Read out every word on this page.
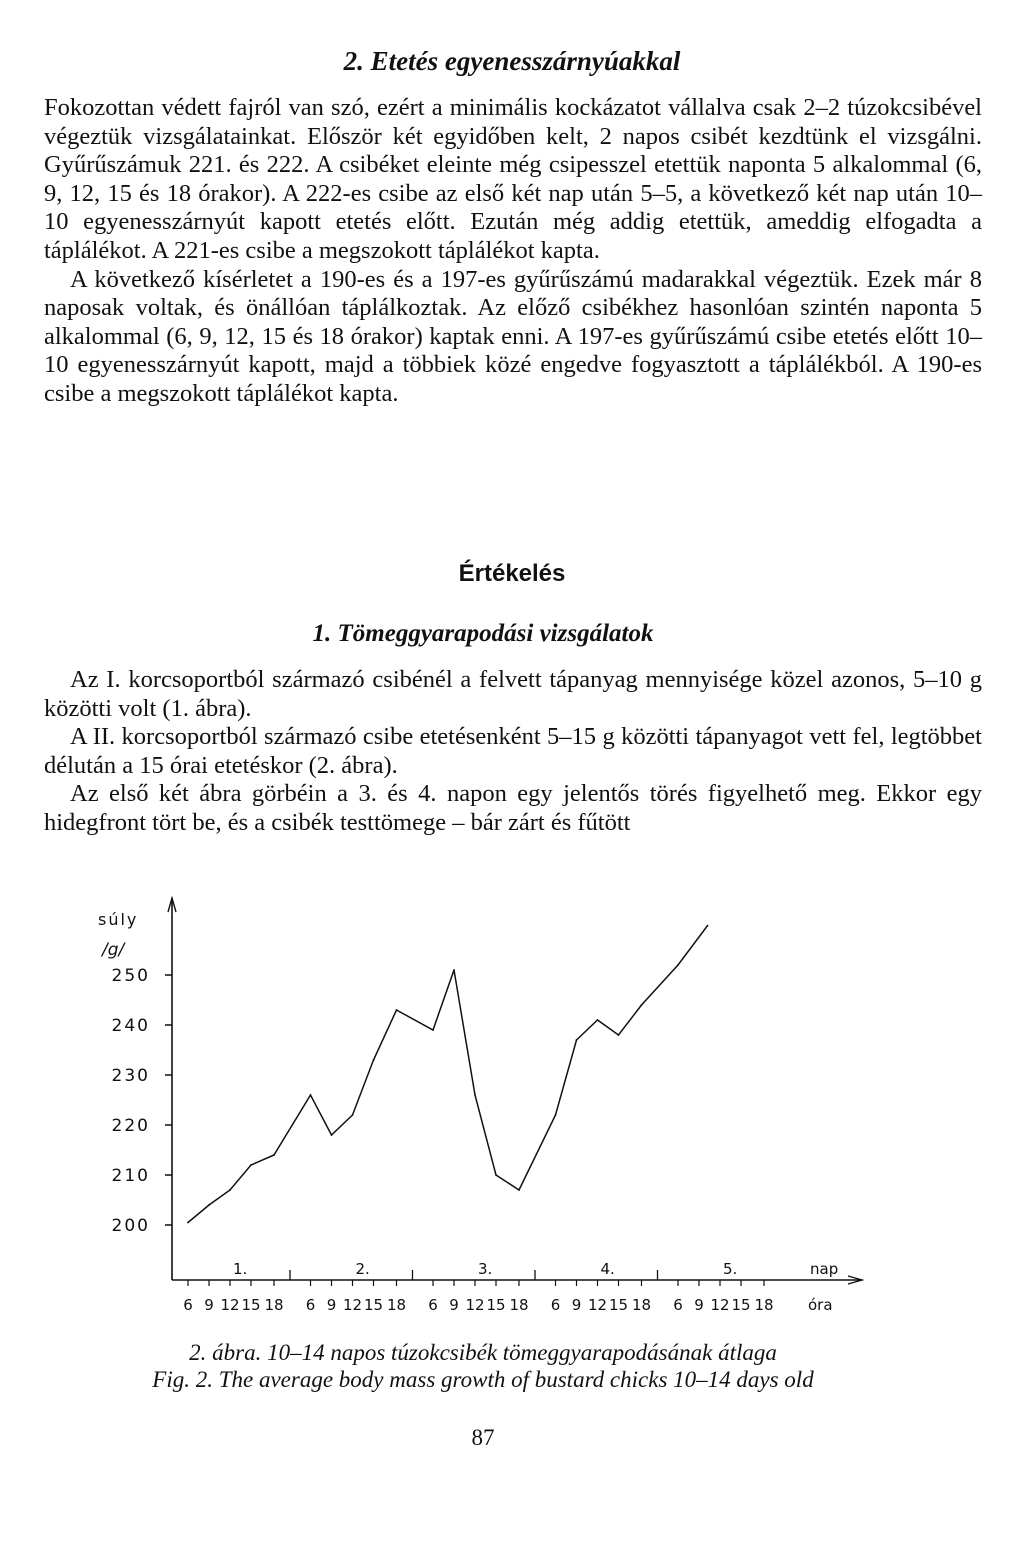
2. Etetés egyenesszárnyúakkal

Fokozottan védett fajról van szó, ezért a minimális kockázatot vállalva csak 2–2 túzokcsibével végeztük vizsgálatainkat. Először két egyidőben kelt, 2 napos csibét kezdtünk el vizsgálni. Gyűrűszámuk 221. és 222. A csibéket eleinte még csipesszel etettük naponta 5 alkalommal (6, 9, 12, 15 és 18 órakor). A 222-es csibe az első két nap után 5–5, a következő két nap után 10–10 egyenesszárnyút kapott etetés előtt. Ezután még addig etettük, ameddig elfogadta a táplálékot. A 221-es csibe a megszokott táplálékot kapta.

A következő kísérletet a 190-es és a 197-es gyűrűszámú madarakkal végeztük. Ezek már 8 naposak voltak, és önállóan táplálkoztak. Az előző csibékhez hasonlóan szintén naponta 5 alkalommal (6, 9, 12, 15 és 18 órakor) kaptak enni. A 197-es gyűrűszámú csibe etetés előtt 10–10 egyenesszárnyút kapott, majd a többiek közé engedve fogyasztott a táplálékból. A 190-es csibe a megszokott táplálékot kapta.

Értékelés
1. Tömeggyarapodási vizsgálatok

Az I. korcsoportból származó csibénél a felvett tápanyag mennyisége közel azonos, 5–10 g közötti volt (1. ábra).

A II. korcsoportból származó csibe etetésenként 5–15 g közötti tápanyagot vett fel, legtöbbet délután a 15 órai etetéskor (2. ábra).

Az első két ábra görbéin a 3. és 4. napon egy jelentős törés figyelhető meg. Ekkor egy hidegfront tört be, és a csibék testtömege – bár zárt és fűtött

súly
/g/
200
210
220
230
240
250
1.	2.	3.	4.	5.	nap
6 9 12 15 18 6 9 12 15 18 6 9 12 15 18 6 9 12 15 18 6 9 12 15 18 óra

2. ábra. 10–14 napos túzokcsibék tömeggyarapodásának átlaga

Fig. 2. The average body mass growth of bustard chicks 10–14 days old

87
